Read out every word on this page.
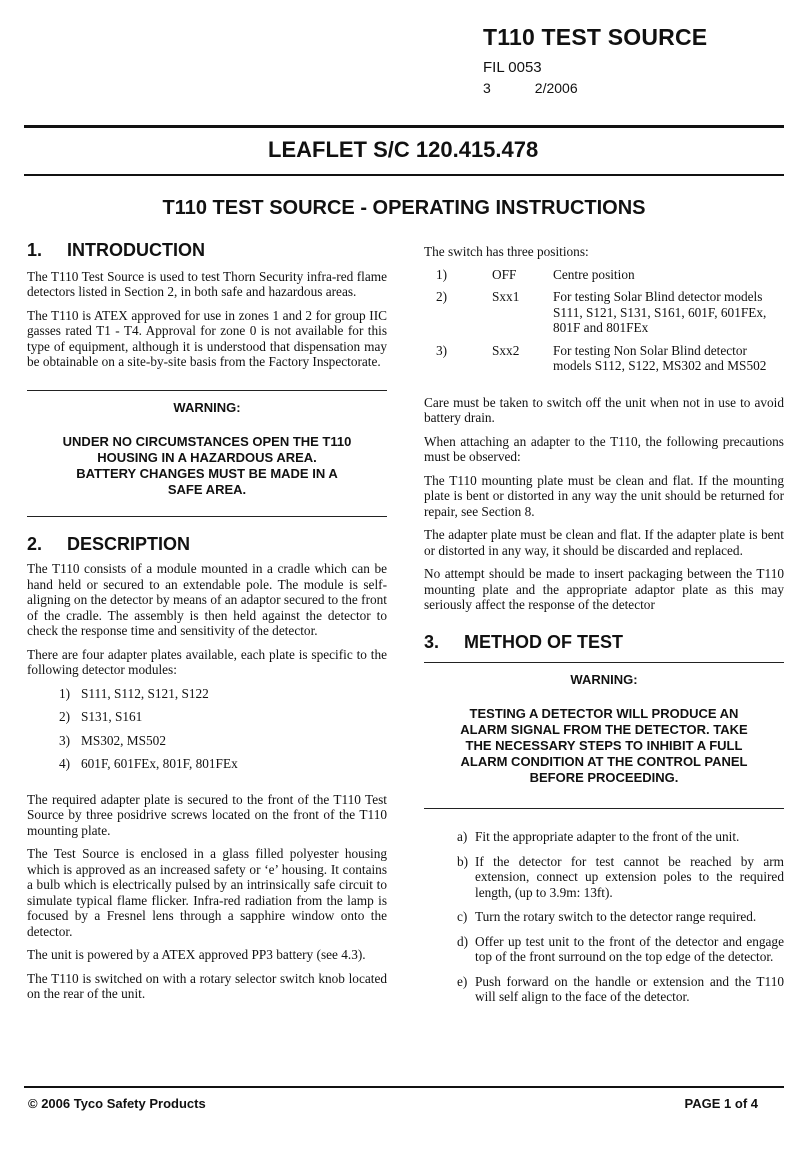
T110 TEST SOURCE
FIL 0053
3	2/2006
LEAFLET S/C 120.415.478
T110 TEST SOURCE - OPERATING INSTRUCTIONS
1. INTRODUCTION

The T110 Test Source is used to test Thorn Security infra-red flame detectors listed in Section 2, in both safe and hazardous areas.

The T110 is ATEX approved for use in zones 1 and 2 for group IIC gasses rated T1 - T4. Approval for zone 0 is not available for this type of equipment, although it is understood that dispensation may be obtainable on a site-by-site basis from the Factory Inspectorate.

WARNING:
UNDER NO CIRCUMSTANCES OPEN THE T110
HOUSING IN A HAZARDOUS AREA.
BATTERY CHANGES MUST BE MADE IN A
SAFE AREA.
2. DESCRIPTION

The T110 consists of a module mounted in a cradle which can be hand held or secured to an extendable pole. The module is self-aligning on the detector by means of an adaptor secured to the front of the cradle. The assembly is then held against the detector to check the response time and sensitivity of the detector.

There are four adapter plates available, each plate is specific to the following detector modules:

1) S111, S112, S121, S122
2) S131, S161
3) MS302, MS502
4) 601F, 601FEx, 801F, 801FEx

The required adapter plate is secured to the front of the T110 Test Source by three posidrive screws located on the front of the T110 mounting plate.

The Test Source is enclosed in a glass filled polyester housing which is approved as an increased safety or ‘e’ housing. It contains a bulb which is electrically pulsed by an intrinsically safe circuit to simulate typical flame flicker. Infra-red radiation from the lamp is focused by a Fresnel lens through a sapphire window onto the detector.

The unit is powered by a ATEX approved PP3 battery (see 4.3).

The T110 is switched on with a rotary selector switch knob located on the rear of the unit.

The switch has three positions:

1)	OFF	Centre position
2)	Sxx1	For testing Solar Blind detector models S111, S121, S131, S161, 601F, 601FEx, 801F and 801FEx
3)	Sxx2	For testing Non Solar Blind detector models S112, S122, MS302 and MS502

Care must be taken to switch off the unit when not in use to avoid battery drain.

When attaching an adapter to the T110, the following precautions must be observed:

The T110 mounting plate must be clean and flat. If the mounting plate is bent or distorted in any way the unit should be returned for repair, see Section 8.

The adapter plate must be clean and flat. If the adapter plate is bent or distorted in any way, it should be discarded and replaced.

No attempt should be made to insert packaging between the T110 mounting plate and the appropriate adaptor plate as this may seriously affect the response of the detector

3. METHOD OF TEST
WARNING:
TESTING A DETECTOR WILL PRODUCE AN
ALARM SIGNAL FROM THE DETECTOR. TAKE
THE NECESSARY STEPS TO INHIBIT A FULL
ALARM CONDITION AT THE CONTROL PANEL
BEFORE PROCEEDING.
a) Fit the appropriate adapter to the front of the unit.
b) If the detector for test cannot be reached by arm extension, connect up extension poles to the required length, (up to 3.9m: 13ft).
c) Turn the rotary switch to the detector range required.
d) Offer up test unit to the front of the detector and engage top of the front surround on the top edge of the detector.
e) Push forward on the handle or extension and the T110 will self align to the face of the detector.
© 2006 Tyco Safety Products	PAGE 1 of 4
